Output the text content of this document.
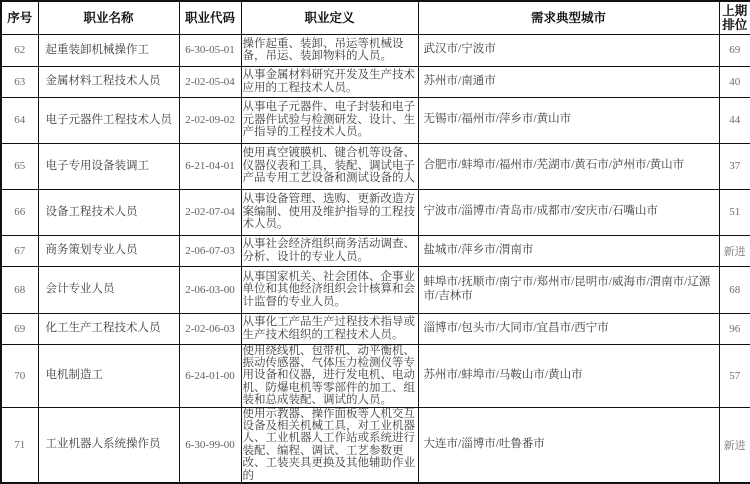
序号	职业名称	职业代码	职业定义	需求典型城市	上期排位
62	起重装卸机械操作工	6-30-05-01	操作起重、装卸、吊运等机械设备，吊运、装卸物料的人员。	武汉市/宁波市	69
63	金属材料工程技术人员	2-02-05-04	从事金属材料研究开发及生产技术应用的工程技术人员。	苏州市/南通市	40
64	电子元器件工程技术人员	2-02-09-02	从事电子元器件、电子封装和电子元器件试验与检测研发、设计、生产指导的工程技术人员。	无锡市/福州市/萍乡市/黄山市	44
65	电子专用设备装调工	6-21-04-01	使用真空镀膜机、键合机等设备、仪器仪表和工具，装配、调试电子产品专用工艺设备和测试设备的人	合肥市/蚌埠市/福州市/芜湖市/黄石市/泸州市/黄山市	37
66	设备工程技术人员	2-02-07-04	从事设备管理、选购、更新改造方案编制、使用及维护指导的工程技术人员。	宁波市/淄博市/青岛市/成都市/安庆市/石嘴山市	51
67	商务策划专业人员	2-06-07-03	从事社会经济组织商务活动调查、分析、设计的专业人员。	盐城市/萍乡市/渭南市	新进
68	会计专业人员	2-06-03-00	从事国家机关、社会团体、企事业单位和其他经济组织会计核算和会计监督的专业人员。	蚌埠市/抚顺市/南宁市/郑州市/昆明市/威海市/渭南市/辽源市/吉林市	68
69	化工生产工程技术人员	2-02-06-03	从事化工产品生产过程技术指导或生产技术组织的工程技术人员。	淄博市/包头市/大同市/宜昌市/西宁市	96
70	电机制造工	6-24-01-00	使用绕线机、包带机、动平衡机、振动传感器、气体压力检测仪等专用设备和仪器，进行发电机、电动机、防爆电机等零部件的加工、组装和总成装配、调试的人员。	苏州市/蚌埠市/马鞍山市/黄山市	57
71	工业机器人系统操作员	6-30-99-00	使用示教器、操作面板等人机交互设备及相关机械工具，对工业机器人、工业机器人工作站或系统进行装配、编程、调试、工艺参数更改、工装夹具更换及其他辅助作业的	大连市/淄博市/吐鲁番市	新进
